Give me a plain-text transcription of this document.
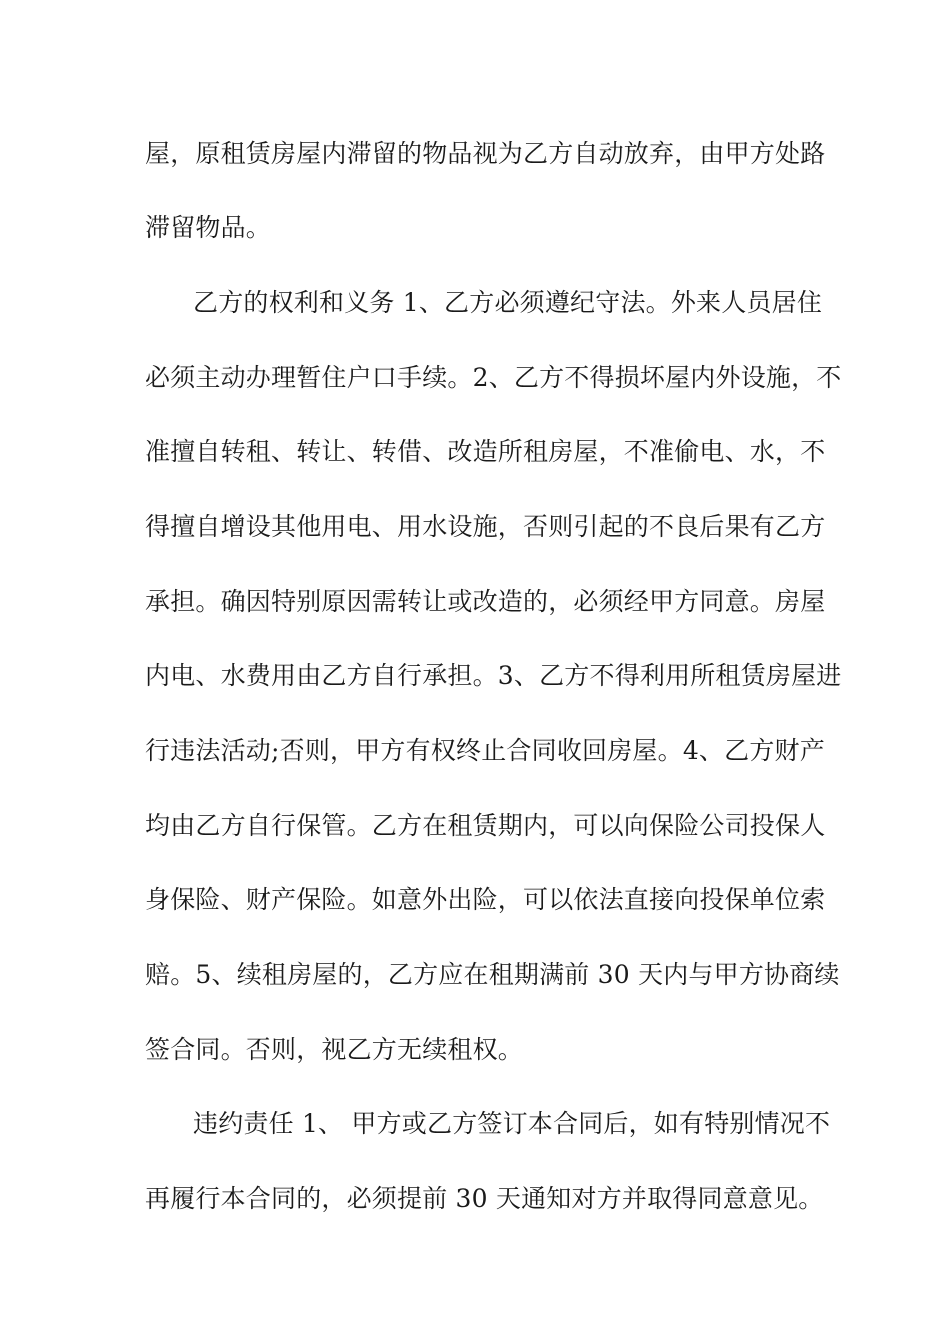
屋，原租赁房屋内滞留的物品视为乙方自动放弃，由甲方处路
滞留物品。
乙方的权利和义务 1、乙方必须遵纪守法。外来人员居住
必须主动办理暂住户口手续。2、乙方不得损坏屋内外设施，不
准擅自转租、转让、转借、改造所租房屋，不准偷电、水，不
得擅自增设其他用电、用水设施，否则引起的不良后果有乙方
承担。确因特别原因需转让或改造的，必须经甲方同意。房屋
内电、水费用由乙方自行承担。3、乙方不得利用所租赁房屋进
行违法活动;否则，甲方有权终止合同收回房屋。4、乙方财产
均由乙方自行保管。乙方在租赁期内，可以向保险公司投保人
身保险、财产保险。如意外出险，可以依法直接向投保单位索
赔。5、续租房屋的，乙方应在租期满前 30 天内与甲方协商续
签合同。否则，视乙方无续租权。
违约责任 1、 甲方或乙方签订本合同后，如有特别情况不
再履行本合同的，必须提前 30 天通知对方并取得同意意见。
